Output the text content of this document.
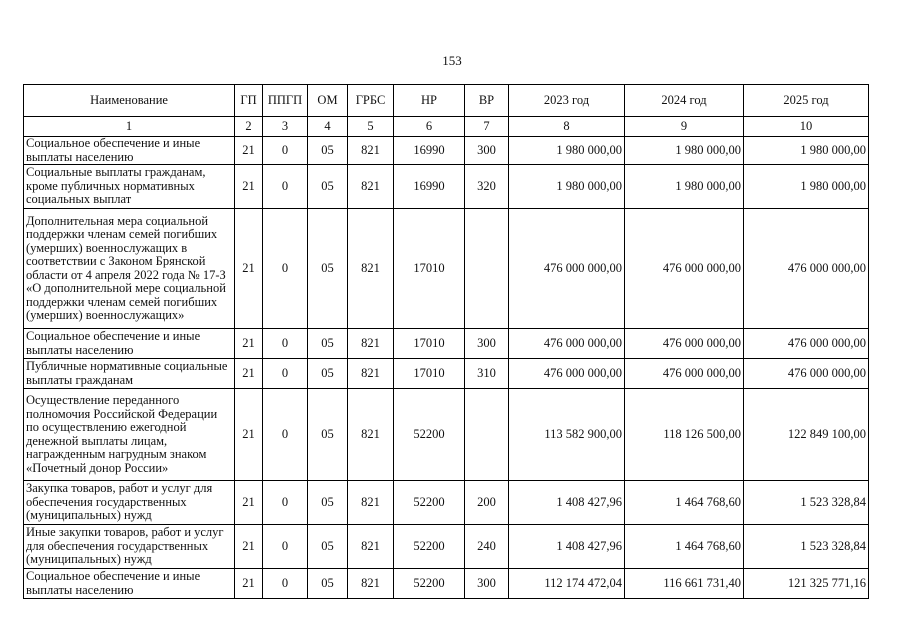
153
Наименование	ГП	ППГП	ОМ	ГРБС	НР	ВР	2023 год	2024 год	2025 год
1	2	3	4	5	6	7	8	9	10
Социальное обеспечение и иные выплаты населению	21	0	05	821	16990	300	1 980 000,00	1 980 000,00	1 980 000,00
Социальные выплаты гражданам, кроме публичных нормативных социальных выплат	21	0	05	821	16990	320	1 980 000,00	1 980 000,00	1 980 000,00
Дополнительная мера социальной поддержки членам семей погибших (умерших) военнослужащих в соответствии с Законом Брянской области от 4 апреля 2022 года № 17-З «О дополнительной мере социальной поддержки членам семей погибших (умерших) военнослужащих»	21	0	05	821	17010		476 000 000,00	476 000 000,00	476 000 000,00
Социальное обеспечение и иные выплаты населению	21	0	05	821	17010	300	476 000 000,00	476 000 000,00	476 000 000,00
Публичные нормативные социальные выплаты гражданам	21	0	05	821	17010	310	476 000 000,00	476 000 000,00	476 000 000,00
Осуществление переданного полномочия Российской Федерации по осуществлению ежегодной денежной выплаты лицам, награжденным нагрудным знаком «Почетный донор России»	21	0	05	821	52200		113 582 900,00	118 126 500,00	122 849 100,00
Закупка товаров, работ и услуг для обеспечения государственных (муниципальных) нужд	21	0	05	821	52200	200	1 408 427,96	1 464 768,60	1 523 328,84
Иные закупки товаров, работ и услуг для обеспечения государственных (муниципальных) нужд	21	0	05	821	52200	240	1 408 427,96	1 464 768,60	1 523 328,84
Социальное обеспечение и иные выплаты населению	21	0	05	821	52200	300	112 174 472,04	116 661 731,40	121 325 771,16
